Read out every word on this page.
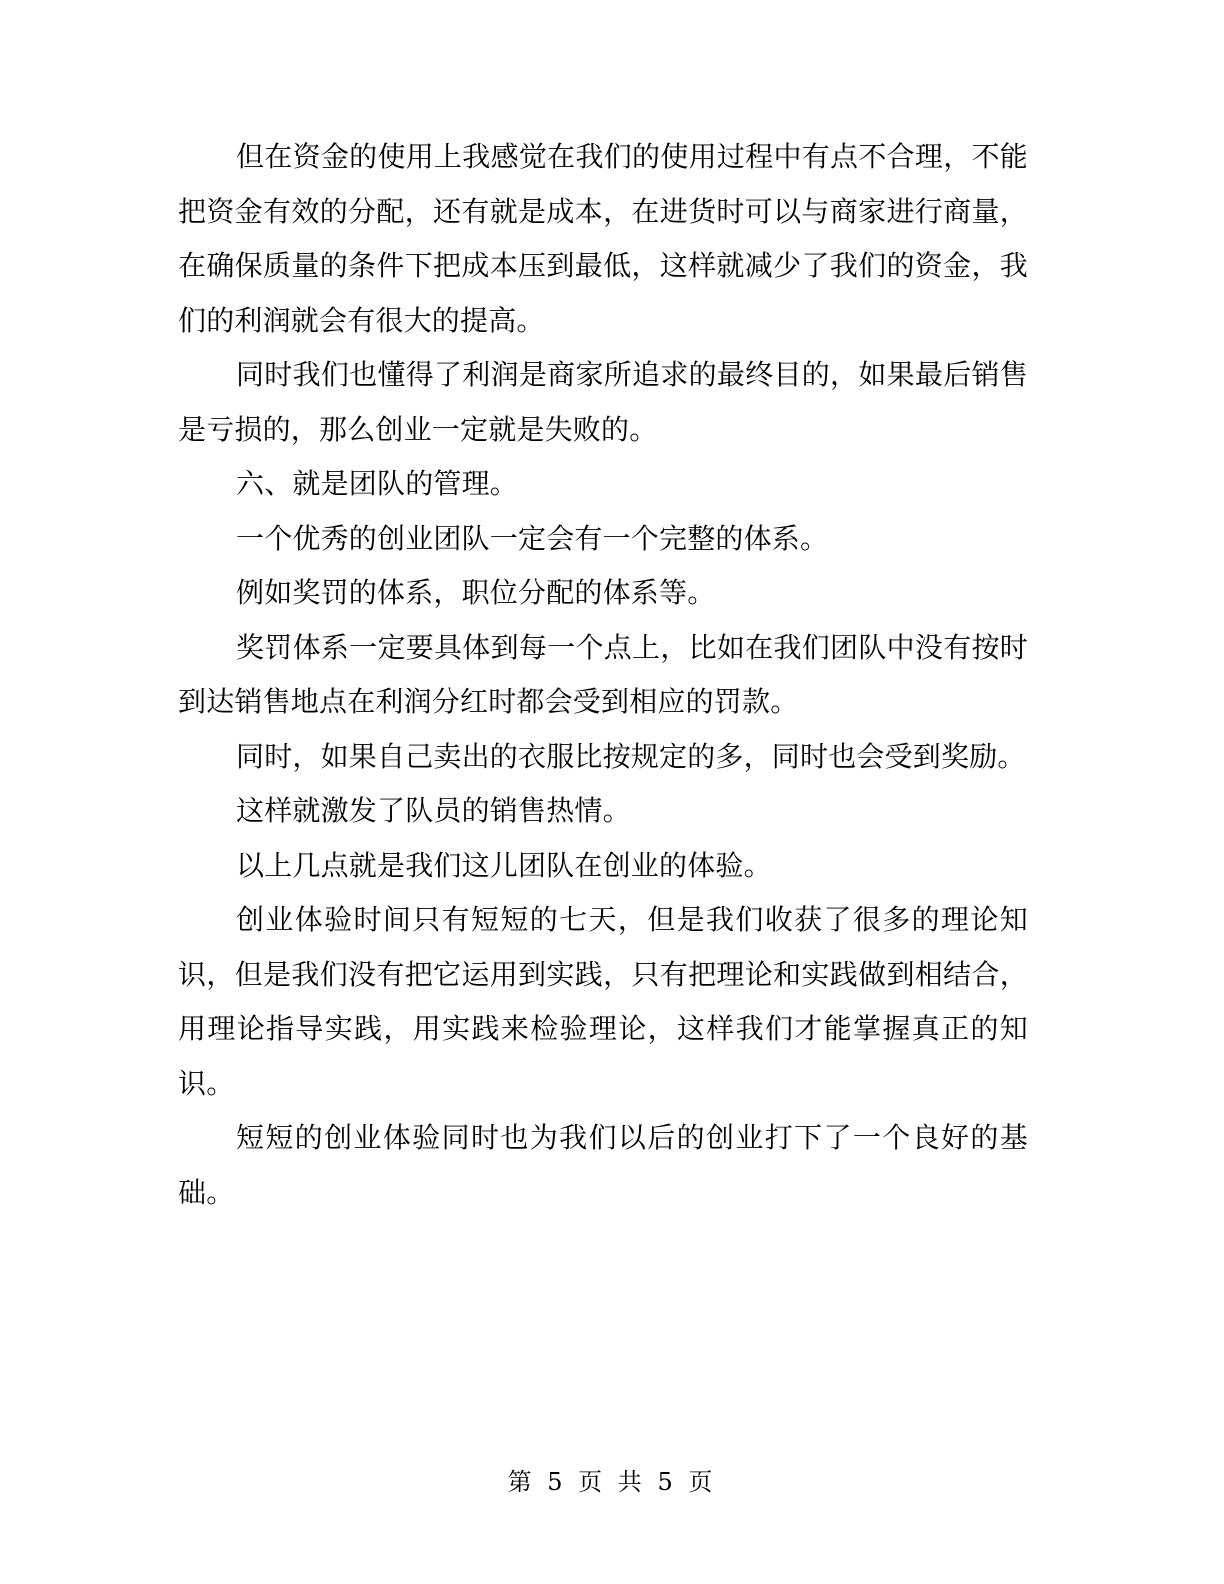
但在资金的使用上我感觉在我们的使用过程中有点不合理，不能把资金有效的分配，还有就是成本，在进货时可以与商家进行商量，在确保质量的条件下把成本压到最低，这样就减少了我们的资金，我们的利润就会有很大的提高。

同时我们也懂得了利润是商家所追求的最终目的，如果最后销售是亏损的，那么创业一定就是失败的。

六、就是团队的管理。

一个优秀的创业团队一定会有一个完整的体系。

例如奖罚的体系，职位分配的体系等。

奖罚体系一定要具体到每一个点上，比如在我们团队中没有按时到达销售地点在利润分红时都会受到相应的罚款。

同时，如果自己卖出的衣服比按规定的多，同时也会受到奖励。

这样就激发了队员的销售热情。

以上几点就是我们这儿团队在创业的体验。

创业体验时间只有短短的七天，但是我们收获了很多的理论知识，但是我们没有把它运用到实践，只有把理论和实践做到相结合，用理论指导实践，用实践来检验理论，这样我们才能掌握真正的知识。

短短的创业体验同时也为我们以后的创业打下了一个良好的基础。

第 5 页 共 5 页
